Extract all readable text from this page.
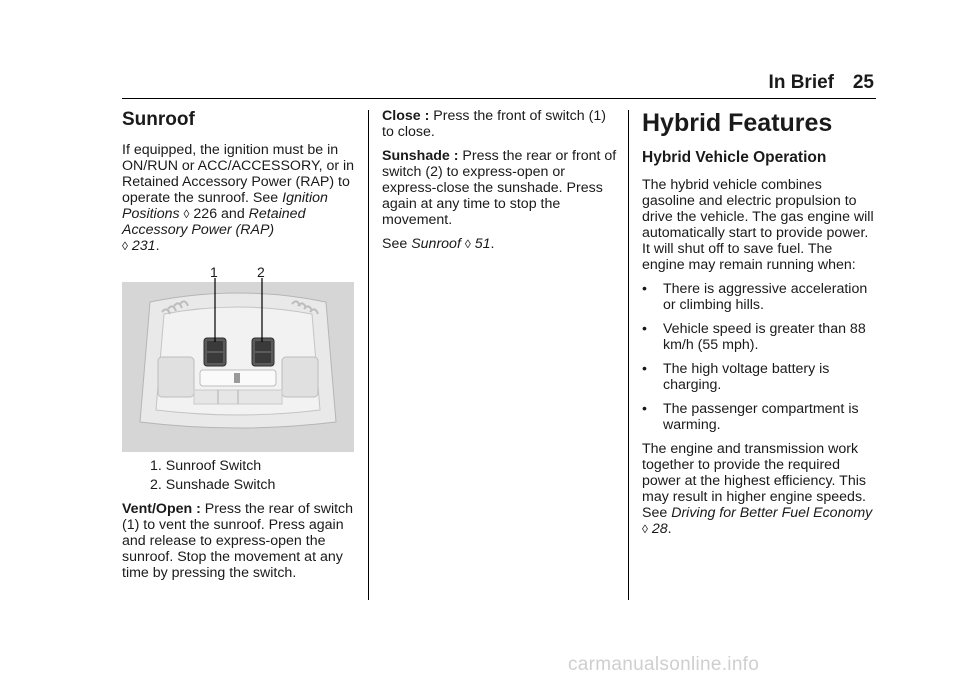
In Brief 25
Sunroof

If equipped, the ignition must be in ON/RUN or ACC/ACCESSORY, or in Retained Accessory Power (RAP) to operate the sunroof. See Ignition Positions ◊ 226 and Retained Accessory Power (RAP)
◊ 231.

1	2
1. Sunroof Switch
2. Sunshade Switch

Vent/Open : Press the rear of switch (1) to vent the sunroof. Press again and release to express-open the sunroof. Stop the movement at any time by pressing the switch.

Close : Press the front of switch (1) to close.

Sunshade : Press the rear or front of switch (2) to express-open or express-close the sunshade. Press again at any time to stop the movement.

See Sunroof ◊ 51.

Hybrid Features
Hybrid Vehicle Operation

The hybrid vehicle combines gasoline and electric propulsion to drive the vehicle. The gas engine will automatically start to provide power. It will shut off to save fuel. The engine may remain running when:

• There is aggressive acceleration or climbing hills.
• Vehicle speed is greater than 88 km/h (55 mph).
• The high voltage battery is charging.
• The passenger compartment is warming.

The engine and transmission work together to provide the required power at the highest efficiency. This may result in higher engine speeds. See Driving for Better Fuel Economy ◊ 28.

carmanualsonline.info
